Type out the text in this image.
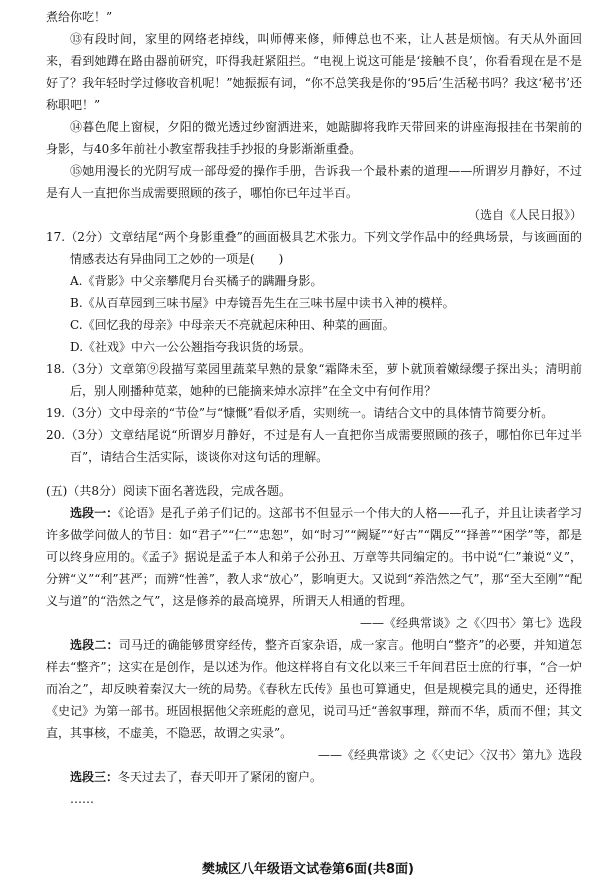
煮给你吃！”

⑬有段时间，家里的网络老掉线，叫师傅来修，师傅总也不来，让人甚是烦恼。有天从外面回来，看到她蹲在路由器前研究，吓得我赶紧阻拦。“电视上说这可能是‘接触不良’，你看看现在是不是好了？我年轻时学过修收音机呢！”她振振有词，“你不总笑我是你的‘95后’生活秘书吗？我这‘秘书’还称职吧！”

⑭暮色爬上窗棂，夕阳的微光透过纱窗洒进来，她踮脚将我昨天带回来的讲座海报挂在书架前的身影，与40多年前社小教室帮我挂手抄报的身影渐渐重叠。

⑮她用漫长的光阴写成一部母爱的操作手册，告诉我一个最朴素的道理——所谓岁月静好，不过是有人一直把你当成需要照顾的孩子，哪怕你已年过半百。

（选自《人民日报》）

17.（2分）文章结尾“两个身影重叠”的画面极具艺术张力。下列文学作品中的经典场景，与该画面的情感表达有异曲同工之妙的一项是(　　)

A.《背影》中父亲攀爬月台买橘子的蹒跚身影。

B.《从百草园到三味书屋》中寿镜吾先生在三味书屋中读书入神的模样。

C.《回忆我的母亲》中母亲天不亮就起床种田、种菜的画面。

D.《社戏》中六一公公翘指夸我识货的场景。

18.（3分）文章第⑨段描写菜园里蔬菜早熟的景象“霜降未至，萝卜就顶着嫩绿缨子探出头；清明前后，别人刚播种苋菜，她种的已能摘来焯水凉拌”在全文中有何作用？

19.（3分）文中母亲的“节俭”与“慷慨”看似矛盾，实则统一。请结合文中的具体情节简要分析。

20.（3分）文章结尾说“所谓岁月静好，不过是有人一直把你当成需要照顾的孩子，哪怕你已年过半百”，请结合生活实际，谈谈你对这句话的理解。

(五)（共8分）阅读下面名著选段，完成各题。

选段一：《论语》是孔子弟子们记的。这部书不但显示一个伟大的人格——孔子，并且让读者学习许多做学问做人的节目：如“君子”“仁”“忠恕”，如“时习”“阙疑”“好古”“隅反”“择善”“困学”等，都是可以终身应用的。《孟子》据说是孟子本人和弟子公孙丑、万章等共同编定的。书中说“仁”兼说“义”，分辨“义”“利”甚严；而辨“性善”，教人求“放心”，影响更大。又说到“养浩然之气”，那“至大至刚”“配义与道”的“浩然之气”，这是修养的最高境界，所谓天人相通的哲理。

——《经典常谈》之《〈四书〉第七》选段

选段二：司马迁的确能够贯穿经传，整齐百家杂语，成一家言。他明白“整齐”的必要，并知道怎样去“整齐”；这实在是创作，是以述为作。他这样将自有文化以来三千年间君臣士庶的行事，“合一炉而冶之”，却反映着秦汉大一统的局势。《春秋左氏传》虽也可算通史，但是规模完具的通史，还得推《史记》为第一部书。班固根据他父亲班彪的意见，说司马迁“善叙事理，辩而不华，质而不俚；其文直，其事核，不虚美，不隐恶，故谓之实录”。

——《经典常谈》之《〈史记〉〈汉书〉第九》选段

选段三：冬天过去了，春天叩开了紧闭的窗户。

……

樊城区八年级语文试卷第6面(共8面)
